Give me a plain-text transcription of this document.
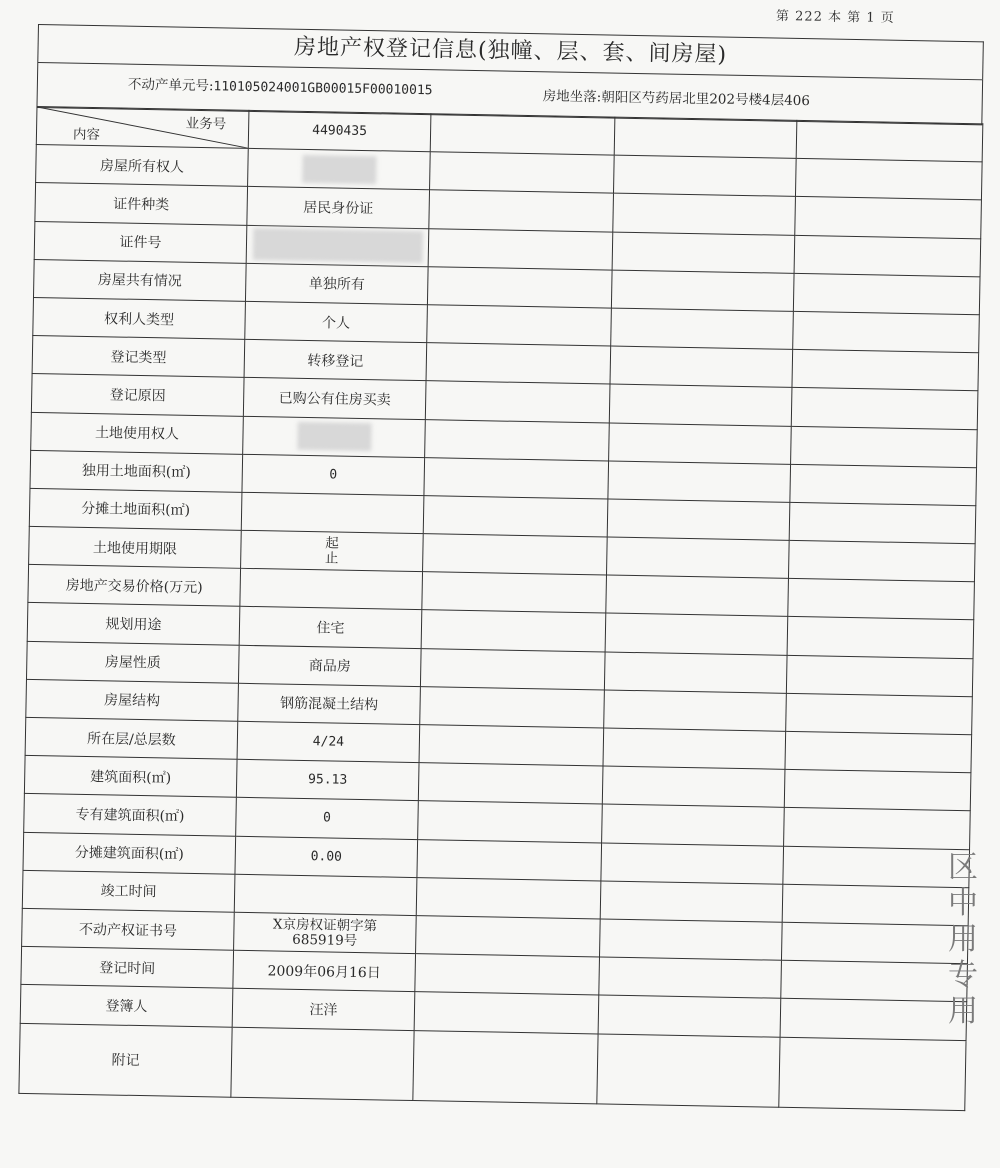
第 222 本 第 1 页
房地产权登记信息(独幢、层、套、间房屋)
不动产单元号:110105024001GB00015F00010015	房地坐落:朝阳区芍药居北里202号楼4层406
业务号
内容	4490435			
房屋所有权人				
证件种类	居民身份证			
证件号				
房屋共有情况	单独所有			
权利人类型	个人			
登记类型	转移登记			
登记原因	已购公有住房买卖			
土地使用权人				
独用土地面积(㎡)	0			
分摊土地面积(㎡)				
土地使用期限	起
止			

房地产交易价格(万元)				
规划用途	住宅			
房屋性质	商品房			
房屋结构	钢筋混凝土结构			
所在层/总层数	4/24			
建筑面积(㎡)	95.13			
专有建筑面积(㎡)	0			
分摊建筑面积(㎡)	0.00			
竣工时间				
不动产权证书号	X京房权证朝字第
685919号			

登记时间	2009年06月16日			
登簿人	汪洋			
附记				
区
中
用
专用
